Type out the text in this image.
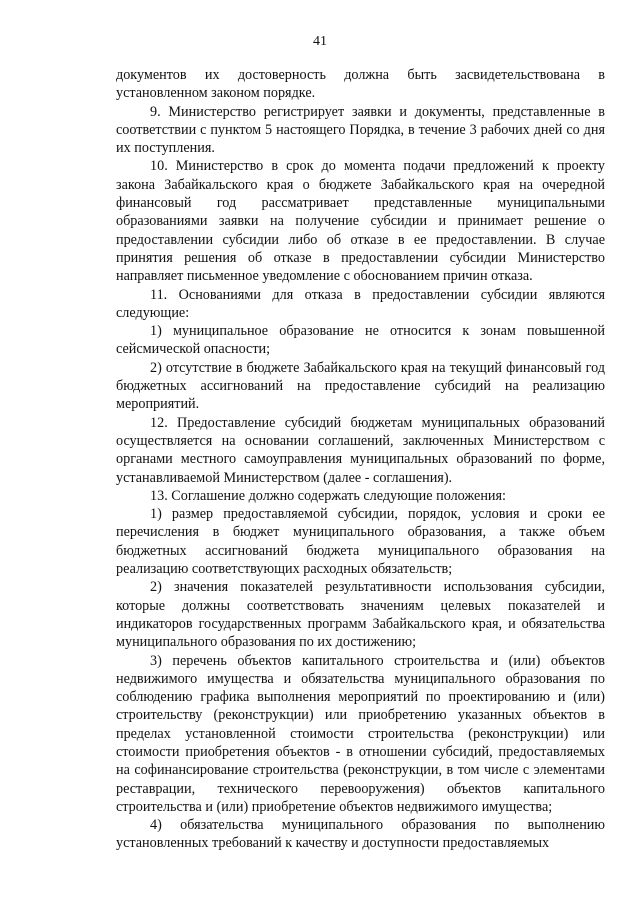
41

документов их достоверность должна быть засвидетельствована в установленном законом порядке.

9. Министерство регистрирует заявки и документы, представленные в соответствии с пунктом 5 настоящего Порядка, в течение 3 рабочих дней со дня их поступления.

10. Министерство в срок до момента подачи предложений к проекту закона Забайкальского края о бюджете Забайкальского края на очередной финансовый год рассматривает представленные муниципальными образованиями заявки на получение субсидии и принимает решение о предоставлении субсидии либо об отказе в ее предоставлении. В случае принятия решения об отказе в предоставлении субсидии Министерство направляет письменное уведомление с обоснованием причин отказа.

11. Основаниями для отказа в предоставлении субсидии являются следующие:

1) муниципальное образование не относится к зонам повышенной сейсмической опасности;

2) отсутствие в бюджете Забайкальского края на текущий финансовый год бюджетных ассигнований на предоставление субсидий на реализацию мероприятий.

12. Предоставление субсидий бюджетам муниципальных образований осуществляется на основании соглашений, заключенных Министерством с органами местного самоуправления муниципальных образований по форме, устанавливаемой Министерством (далее - соглашения).

13. Соглашение должно содержать следующие положения:

1) размер предоставляемой субсидии, порядок, условия и сроки ее перечисления в бюджет муниципального образования, а также объем бюджетных ассигнований бюджета муниципального образования на реализацию соответствующих расходных обязательств;

2) значения показателей результативности использования субсидии, которые должны соответствовать значениям целевых показателей и индикаторов государственных программ Забайкальского края, и обязательства муниципального образования по их достижению;

3) перечень объектов капитального строительства и (или) объектов недвижимого имущества и обязательства муниципального образования по соблюдению графика выполнения мероприятий по проектированию и (или) строительству (реконструкции) или приобретению указанных объектов в пределах установленной стоимости строительства (реконструкции) или стоимости приобретения объектов - в отношении субсидий, предоставляемых на софинансирование строительства (реконструкции, в том числе с элементами реставрации, технического перевооружения) объектов капитального строительства и (или) приобретение объектов недвижимого имущества;

4) обязательства муниципального образования по выполнению установленных требований к качеству и доступности предоставляемых
